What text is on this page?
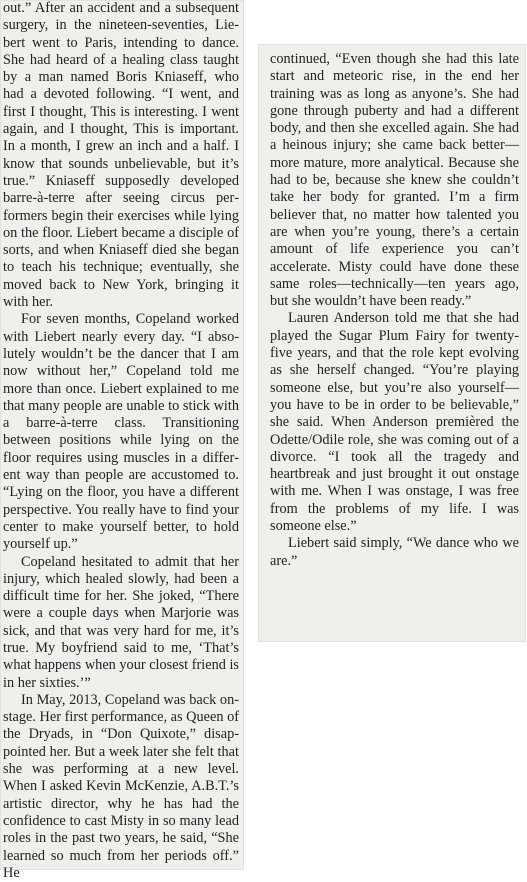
out.” After an accident and a subsequent surgery, in the nineteen-seventies, Liebert went to Paris, intending to dance. She had heard of a healing class taught by a man named Boris Kniaseff, who had a devoted following. “I went, and first I thought, This is interesting. I went again, and I thought, This is important. In a month, I grew an inch and a half. I know that sounds unbelievable, but it’s true.” Kniaseff supposedly developed barre-à-terre after seeing circus performers begin their exercises while lying on the floor. Liebert became a disciple of sorts, and when Kniaseff died she began to teach his technique; eventually, she moved back to New York, bringing it with her.

For seven months, Copeland worked with Liebert nearly every day. “I absolutely wouldn’t be the dancer that I am now without her,” Copeland told me more than once. Liebert explained to me that many people are unable to stick with a barre-à-terre class. Transitioning between positions while lying on the floor requires using muscles in a different way than people are accustomed to. “Lying on the floor, you have a different perspective. You really have to find your center to make yourself better, to hold yourself up.”

Copeland hesitated to admit that her injury, which healed slowly, had been a difficult time for her. She joked, “There were a couple days when Marjorie was sick, and that was very hard for me, it’s true. My boyfriend said to me, ‘That’s what happens when your closest friend is in her sixties.’”

In May, 2013, Copeland was back onstage. Her first performance, as Queen of the Dryads, in “Don Quixote,” disappointed her. But a week later she felt that she was performing at a new level. When I asked Kevin McKenzie, A.B.T.’s artistic director, why he has had the confidence to cast Misty in so many lead roles in the past two years, he said, “She learned so much from her periods off.” He

continued, “Even though she had this late start and meteoric rise, in the end her training was as long as anyone’s. She had gone through puberty and had a different body, and then she excelled again. She had a heinous injury; she came back better—more mature, more analytical. Because she had to be, because she knew she couldn’t take her body for granted. I’m a firm believer that, no matter how talented you are when you’re young, there’s a certain amount of life experience you can’t accelerate. Misty could have done these same roles—technically—ten years ago, but she wouldn’t have been ready.”

Lauren Anderson told me that she had played the Sugar Plum Fairy for twenty-five years, and that the role kept evolving as she herself changed. “You’re playing someone else, but you’re also yourself—you have to be in order to be believable,” she said. When Anderson premièred the Odette/Odile role, she was coming out of a divorce. “I took all the tragedy and heartbreak and just brought it out onstage with me. When I was onstage, I was free from the problems of my life. I was someone else.”

Liebert said simply, “We dance who we are.”
